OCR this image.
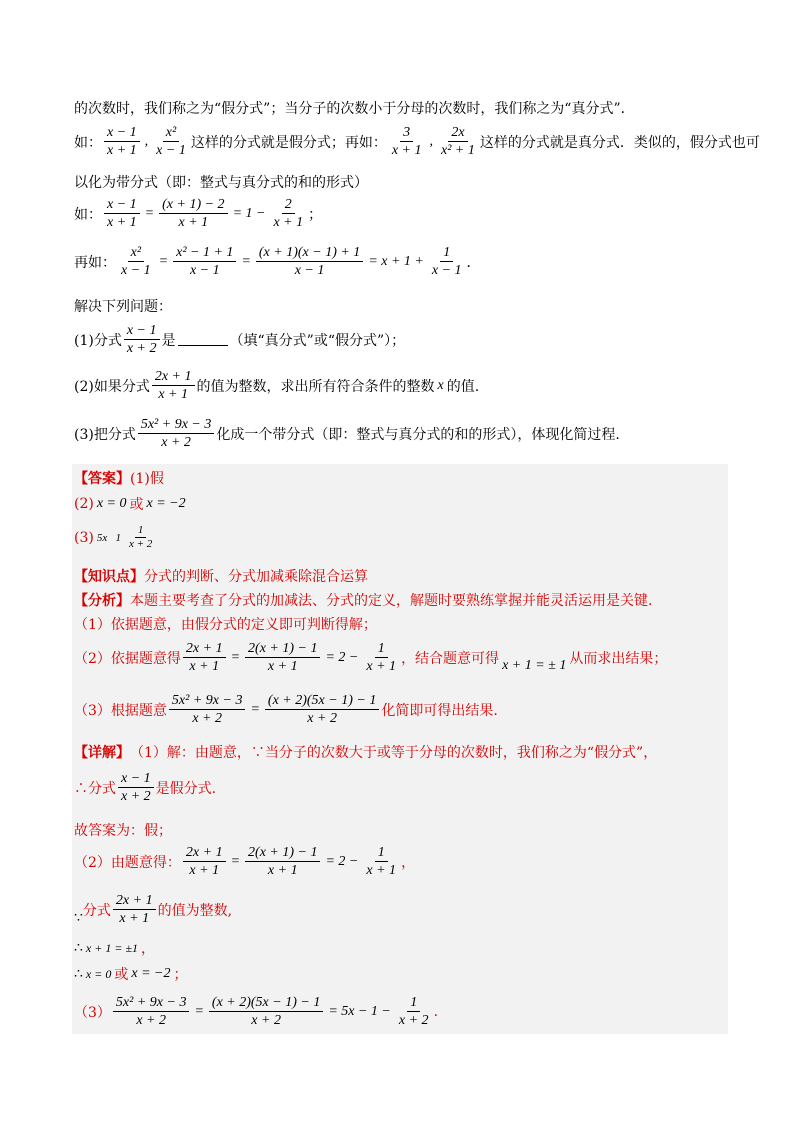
的次数时，我们称之为“假分式”；当分子的次数小于分母的次数时，我们称之为“真分式”．
如： $\frac{x - 1}{x + 1}$ , $\frac{\text{x²}}{x - 1}$ 这样的分式就是假分式；再如： $\frac{3}{x + 1}$ , $\frac{2x}{\text{x² + 1}}$ 这样的分式就是真分式．类似的，假分式也可
以化为带分式（即：整式与真分式的和的形式）
如： $\frac{x - 1}{x + 1} = \frac{(x + 1) - 2}{x + 1} = 1 - \frac{2}{x + 1}$ ；
再如： $\frac{\text{x²}}{x - 1} = \frac{\text{x² − 1 + 1}}{x - 1} = \frac{(x + 1)(x - 1) + 1}{x - 1} = x + 1 + \frac{1}{x - 1}$ ．
解决下列问题：
(1)分式 $\frac{x - 1}{x + 2}$ 是	（填“真分式”或“假分式”）；
(2)如果分式 $\frac{2x + 1}{x + 1}$ 的值为整数，求出所有符合条件的整数 x 的值.
(3)把分式 $\frac{\text{5x² + 9x − 3}}{x + 2}$ 化成一个带分式（即：整式与真分式的和的形式），体现化简过程.
【答案】 (1)假
(2) x = 0 或 x = −2
(3) 5x   $1 \frac{1}{x + 2}$
【知识点】 分式的判断、分式加减乘除混合运算
【分析】 本题主要考查了分式的加减法、分式的定义，解题时要熟练掌握并能灵活运用是关键.
（1）依据题意，由假分式的定义即可判断得解；
（2）依据题意得 $\frac{2x + 1}{x + 1} = \frac{2(x + 1) - 1}{x + 1} = 2 - \frac{1}{x + 1}$ ，结合题意可得 x + 1 = ± 1 从而求出结果；
（3）根据题意 $\frac{\text{5x² + 9x − 3}}{x + 2} = \frac{(x + 2)(5x - 1) - 1}{x + 2}$ 化简即可得出结果.
【详解】 （1）解：由题意，∵当分子的次数大于或等于分母的次数时，我们称之为“假分式”，
∴分式 $\frac{x - 1}{x + 2}$ 是假分式.
故答案为：假；
（2）由题意得： $\frac{2x + 1}{x + 1} = \frac{2(x + 1) - 1}{x + 1} = 2 - \frac{1}{x + 1}$ ，
∵ 分式 $\frac{2x + 1}{x + 1}$ 的值为整数,
∴ x + 1 = ±1 ，
∴ x = 0 或 x = −2 ；
$(3) \frac{\text{5x² + 9x − 3}}{x + 2} = \frac{(x + 2)(5x - 1) - 1}{x + 2} = 5x - 1 - \frac{1}{x + 2}$ .
